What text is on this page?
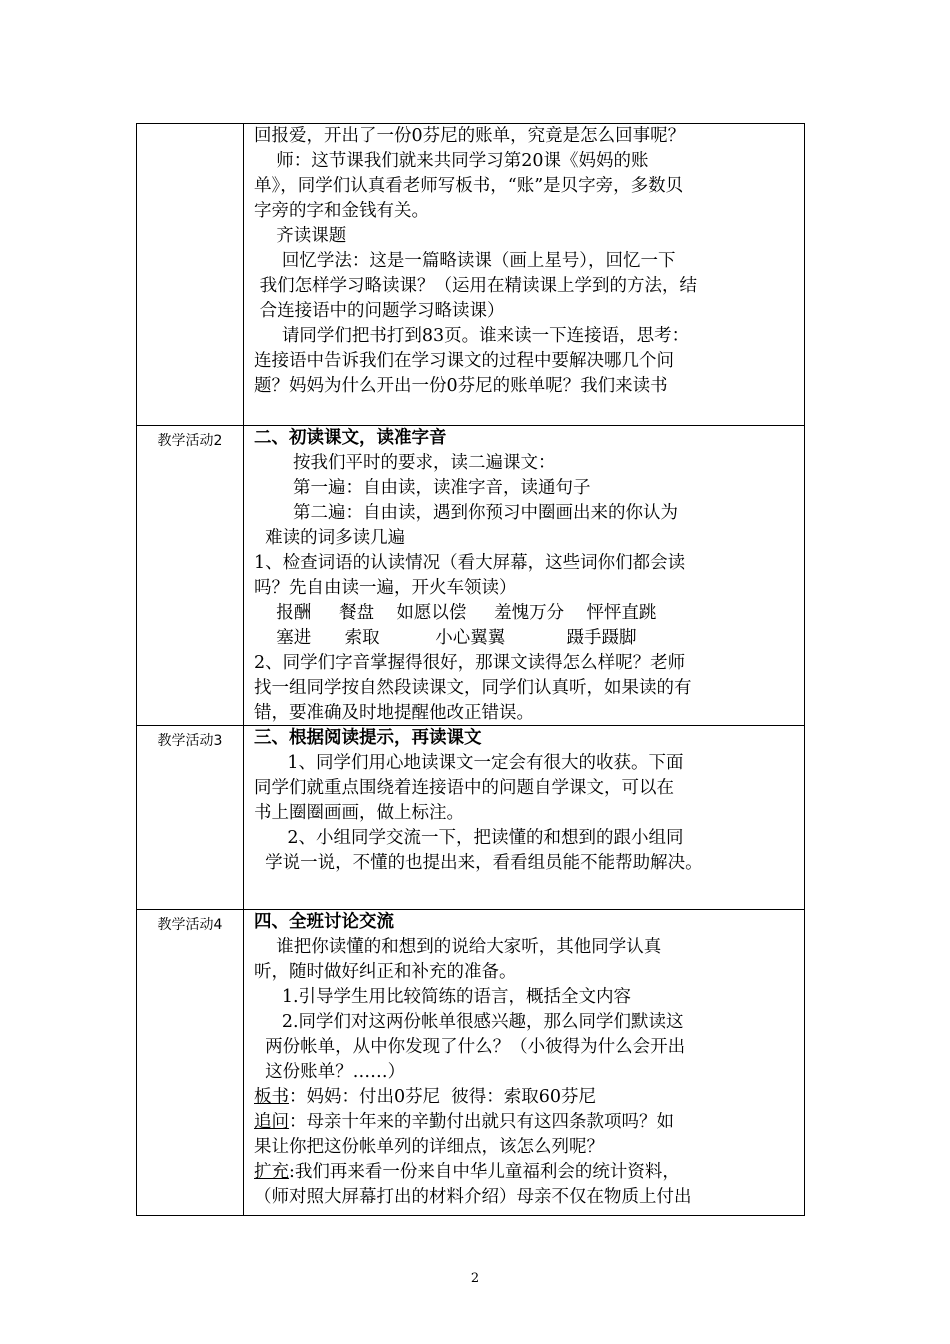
回报爱，开出了一份0芬尼的账单，究竟是怎么回事呢？
师：这节课我们就来共同学习第20课《妈妈的账
单》，同学们认真看老师写板书，“账”是贝字旁，多数贝
字旁的字和金钱有关。
齐读课题
回忆学法：这是一篇略读课（画上星号），回忆一下
我们怎样学习略读课？（运用在精读课上学到的方法，结
合连接语中的问题学习略读课）
请同学们把书打到83页。谁来读一下连接语，思考：
连接语中告诉我们在学习课文的过程中要解决哪几个问
题？妈妈为什么开出一份0芬尼的账单呢？我们来读书
教学活动2	二、初读课文，读准字音
按我们平时的要求，读二遍课文：
第一遍：自由读，读准字音，读通句子
第二遍：自由读，遇到你预习中圈画出来的你认为
难读的词多读几遍
1、检查词语的认读情况（看大屏幕，这些词你们都会读
吗？先自由读一遍，开火车领读）
报酬     餐盘    如愿以偿     羞愧万分    怦怦直跳
塞进      索取          小心翼翼           蹑手蹑脚
2、同学们字音掌握得很好，那课文读得怎么样呢？老师
找一组同学按自然段读课文，同学们认真听，如果读的有
错，要准确及时地提醒他改正错误。
教学活动3	三、根据阅读提示，再读课文
1、同学们用心地读课文一定会有很大的收获。下面
同学们就重点围绕着连接语中的问题自学课文，可以在
书上圈圈画画，做上标注。
2、小组同学交流一下，把读懂的和想到的跟小组同
学说一说，不懂的也提出来，看看组员能不能帮助解决。
教学活动4	四、全班讨论交流
谁把你读懂的和想到的说给大家听，其他同学认真
听，随时做好纠正和补充的准备。
1.引导学生用比较简练的语言，概括全文内容
2.同学们对这两份帐单很感兴趣，那么同学们默读这
两份帐单，从中你发现了什么？（小彼得为什么会开出
这份账单？……）
板书：妈妈：付出0芬尼  彼得：索取60芬尼
追问：母亲十年来的辛勤付出就只有这四条款项吗？如
果让你把这份帐单列的详细点，该怎么列呢？
扩充:我们再来看一份来自中华儿童福利会的统计资料，
（师对照大屏幕打出的材料介绍）母亲不仅在物质上付出
2
